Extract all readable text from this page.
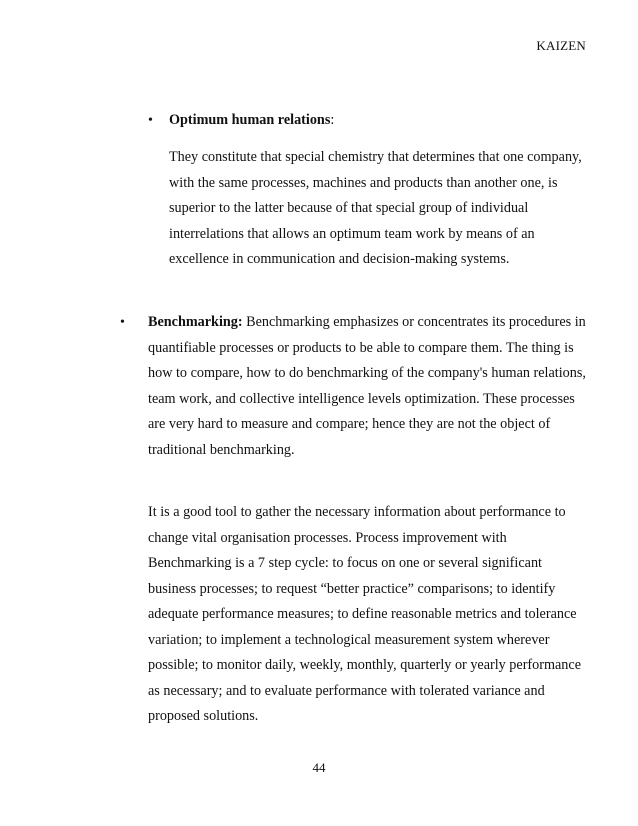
KAIZEN
• Optimum human relations:

They constitute that special chemistry that determines that one company, with the same processes, machines and products than another one, is superior to the latter because of that special group of individual interrelations that allows an optimum team work by means of an excellence in communication and decision-making systems.

• Benchmarking: Benchmarking emphasizes or concentrates its procedures in quantifiable processes or products to be able to compare them. The thing is how to compare, how to do benchmarking of the company's human relations, team work, and collective intelligence levels optimization. These processes are very hard to measure and compare; hence they are not the object of traditional benchmarking.

It is a good tool to gather the necessary information about performance to change vital organisation processes. Process improvement with Benchmarking is a 7 step cycle: to focus on one or several significant business processes; to request “better practice” comparisons; to identify adequate performance measures; to define reasonable metrics and tolerance variation; to implement a technological measurement system wherever possible; to monitor daily, weekly, monthly, quarterly or yearly performance as necessary; and to evaluate performance with tolerated variance and proposed solutions.

44
